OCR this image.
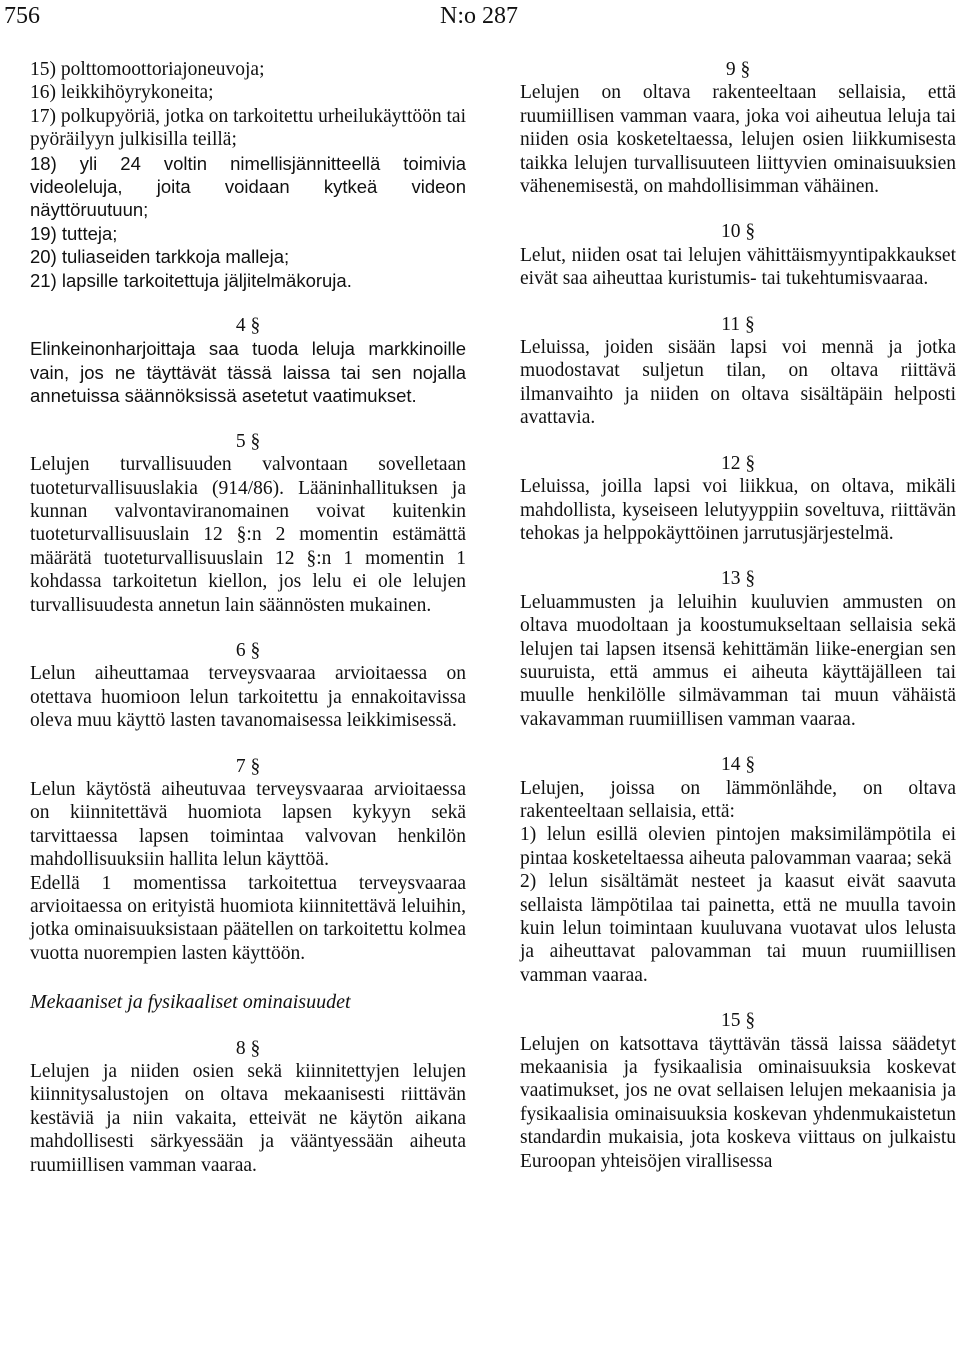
756	N:o 287

15) polttomoottoriajoneuvoja;

16) leikkihöyrykoneita;

17) polkupyöriä, jotka on tarkoitettu urheilukäyttöön tai pyöräilyyn julkisilla teillä;

18) yli 24 voltin nimellisjännitteellä toimivia videoleluja, joita voidaan kytkeä videon näyttöruutuun;

19) tutteja;

20) tuliaseiden tarkkoja malleja;

21) lapsille tarkoitettuja jäljitelmäkoruja.

4 §

Elinkeinonharjoittaja saa tuoda leluja markkinoille vain, jos ne täyttävät tässä laissa tai sen nojalla annetuissa säännöksissä asetetut vaatimukset.

5 §

Lelujen turvallisuuden valvontaan sovelletaan tuoteturvallisuuslakia (914/86). Lääninhallituksen ja kunnan valvontaviranomainen voivat kuitenkin tuoteturvallisuuslain 12 §:n 2 momentin estämättä määrätä tuoteturvallisuuslain 12 §:n 1 momentin 1 kohdassa tarkoitetun kiellon, jos lelu ei ole lelujen turvallisuudesta annetun lain säännösten mukainen.

6 §

Lelun aiheuttamaa terveysvaaraa arvioitaessa on otettava huomioon lelun tarkoitettu ja ennakoitavissa oleva muu käyttö lasten tavanomaisessa leikkimisessä.

7 §

Lelun käytöstä aiheutuvaa terveysvaaraa arvioitaessa on kiinnitettävä huomiota lapsen kykyyn sekä tarvittaessa lapsen toimintaa valvovan henkilön mahdollisuuksiin hallita lelun käyttöä.

Edellä 1 momentissa tarkoitettua terveysvaaraa arvioitaessa on erityistä huomiota kiinnitettävä leluihin, jotka ominaisuuksistaan päätellen on tarkoitettu kolmea vuotta nuorempien lasten käyttöön.

Mekaaniset ja fysikaaliset ominaisuudet

8 §

Lelujen ja niiden osien sekä kiinnitettyjen lelujen kiinnitysalustojen on oltava mekaanisesti riittävän kestäviä ja niin vakaita, etteivät ne käytön aikana mahdollisesti särkyessään ja vääntyessään aiheuta ruumiillisen vamman vaaraa.

9 §

Lelujen on oltava rakenteeltaan sellaisia, että ruumiillisen vamman vaara, joka voi aiheutua leluja tai niiden osia kosketeltaessa, lelujen osien liikkumisesta taikka lelujen turvallisuuteen liittyvien ominaisuuksien vähenemisestä, on mahdollisimman vähäinen.

10 §

Lelut, niiden osat tai lelujen vähittäismyyntipakkaukset eivät saa aiheuttaa kuristumis- tai tukehtumisvaaraa.

11 §

Leluissa, joiden sisään lapsi voi mennä ja jotka muodostavat suljetun tilan, on oltava riittävä ilmanvaihto ja niiden on oltava sisältäpäin helposti avattavia.

12 §

Leluissa, joilla lapsi voi liikkua, on oltava, mikäli mahdollista, kyseiseen lelutyyppiin soveltuva, riittävän tehokas ja helppokäyttöinen jarrutusjärjestelmä.

13 §

Leluammusten ja leluihin kuuluvien ammusten on oltava muodoltaan ja koostumukseltaan sellaisia sekä lelujen tai lapsen itsensä kehittämän liike-energian sen suuruista, että ammus ei aiheuta käyttäjälleen tai muulle henkilölle silmävamman tai muun vähäistä vakavamman ruumiillisen vamman vaaraa.

14 §

Lelujen, joissa on lämmönlähde, on oltava rakenteeltaan sellaisia, että:

1) lelun esillä olevien pintojen maksimilämpötila ei pintaa kosketeltaessa aiheuta palovamman vaaraa; sekä

2) lelun sisältämät nesteet ja kaasut eivät saavuta sellaista lämpötilaa tai painetta, että ne muulla tavoin kuin lelun toimintaan kuuluvana vuotavat ulos lelusta ja aiheuttavat palovamman tai muun ruumiillisen vamman vaaraa.

15 §

Lelujen on katsottava täyttävän tässä laissa säädetyt mekaanisia ja fysikaalisia ominaisuuksia koskevat vaatimukset, jos ne ovat sellaisen lelujen mekaanisia ja fysikaalisia ominaisuuksia koskevan yhdenmukaistetun standardin mukaisia, jota koskeva viittaus on julkaistu Euroopan yhteisöjen virallisessa
